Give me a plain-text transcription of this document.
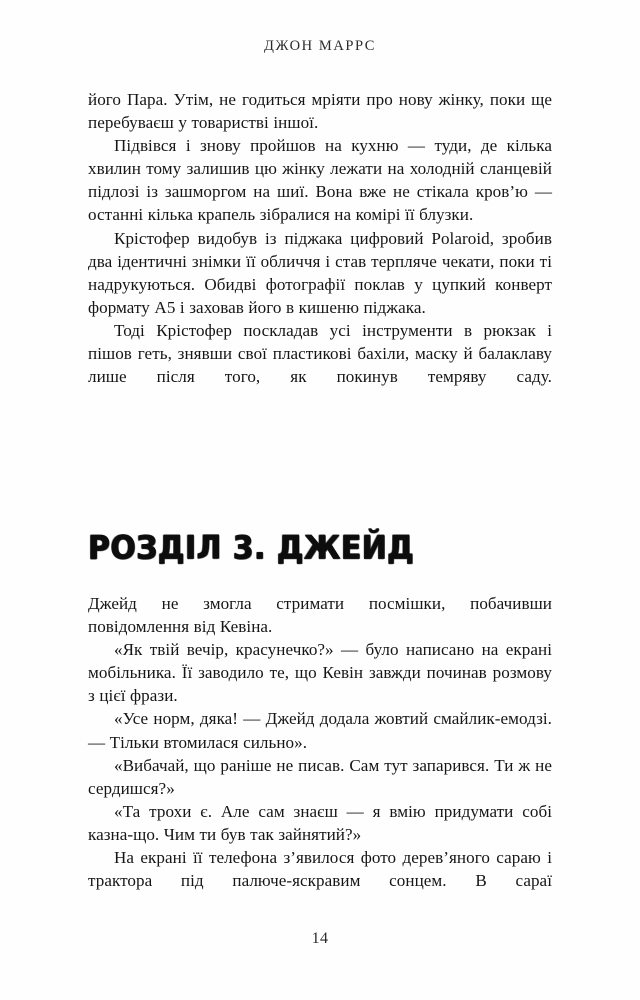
ДЖОН МАРРС

його Пара. Утім, не годиться мріяти про нову жінку, поки ще перебуваєш у товаристві іншої.

Підвівся і знову пройшов на кухню — туди, де кілька хвилин тому залишив цю жінку лежати на холодній сланцевій підлозі із зашморгом на шиї. Вона вже не стікала кров’ю — останні кілька крапель зібралися на комірі її блузки.

Крістофер видобув із піджака цифровий Polaroid, зробив два ідентичні знімки її обличчя і став терпляче чекати, поки ті надрукуються. Обидві фотографії поклав у цупкий конверт формату А5 і заховав його в кишеню піджака.

Тоді Крістофер поскладав усі інструменти в рюкзак і пішов геть, знявши свої пластикові бахіли, маску й балаклаву лише після того, як покинув темряву саду.

РОЗДІЛ 3. ДЖЕЙД

Джейд не змогла стримати посмішки, побачивши повідомлення від Кевіна.

«Як твій вечір, красунечко?» — було написано на екрані мобільника. Її заводило те, що Кевін завжди починав розмову з цієї фрази.

«Усе норм, дяка! — Джейд додала жовтий смайлик-емодзі. — Тільки втомилася сильно».

«Вибачай, що раніше не писав. Сам тут запарився. Ти ж не сердишся?»

«Та трохи є. Але сам знаєш — я вмію придумати собі казна-що. Чим ти був так зайнятий?»

На екрані її телефона з’явилося фото дерев’яного сараю і трактора під палюче-яскравим сонцем. В сараї

14
